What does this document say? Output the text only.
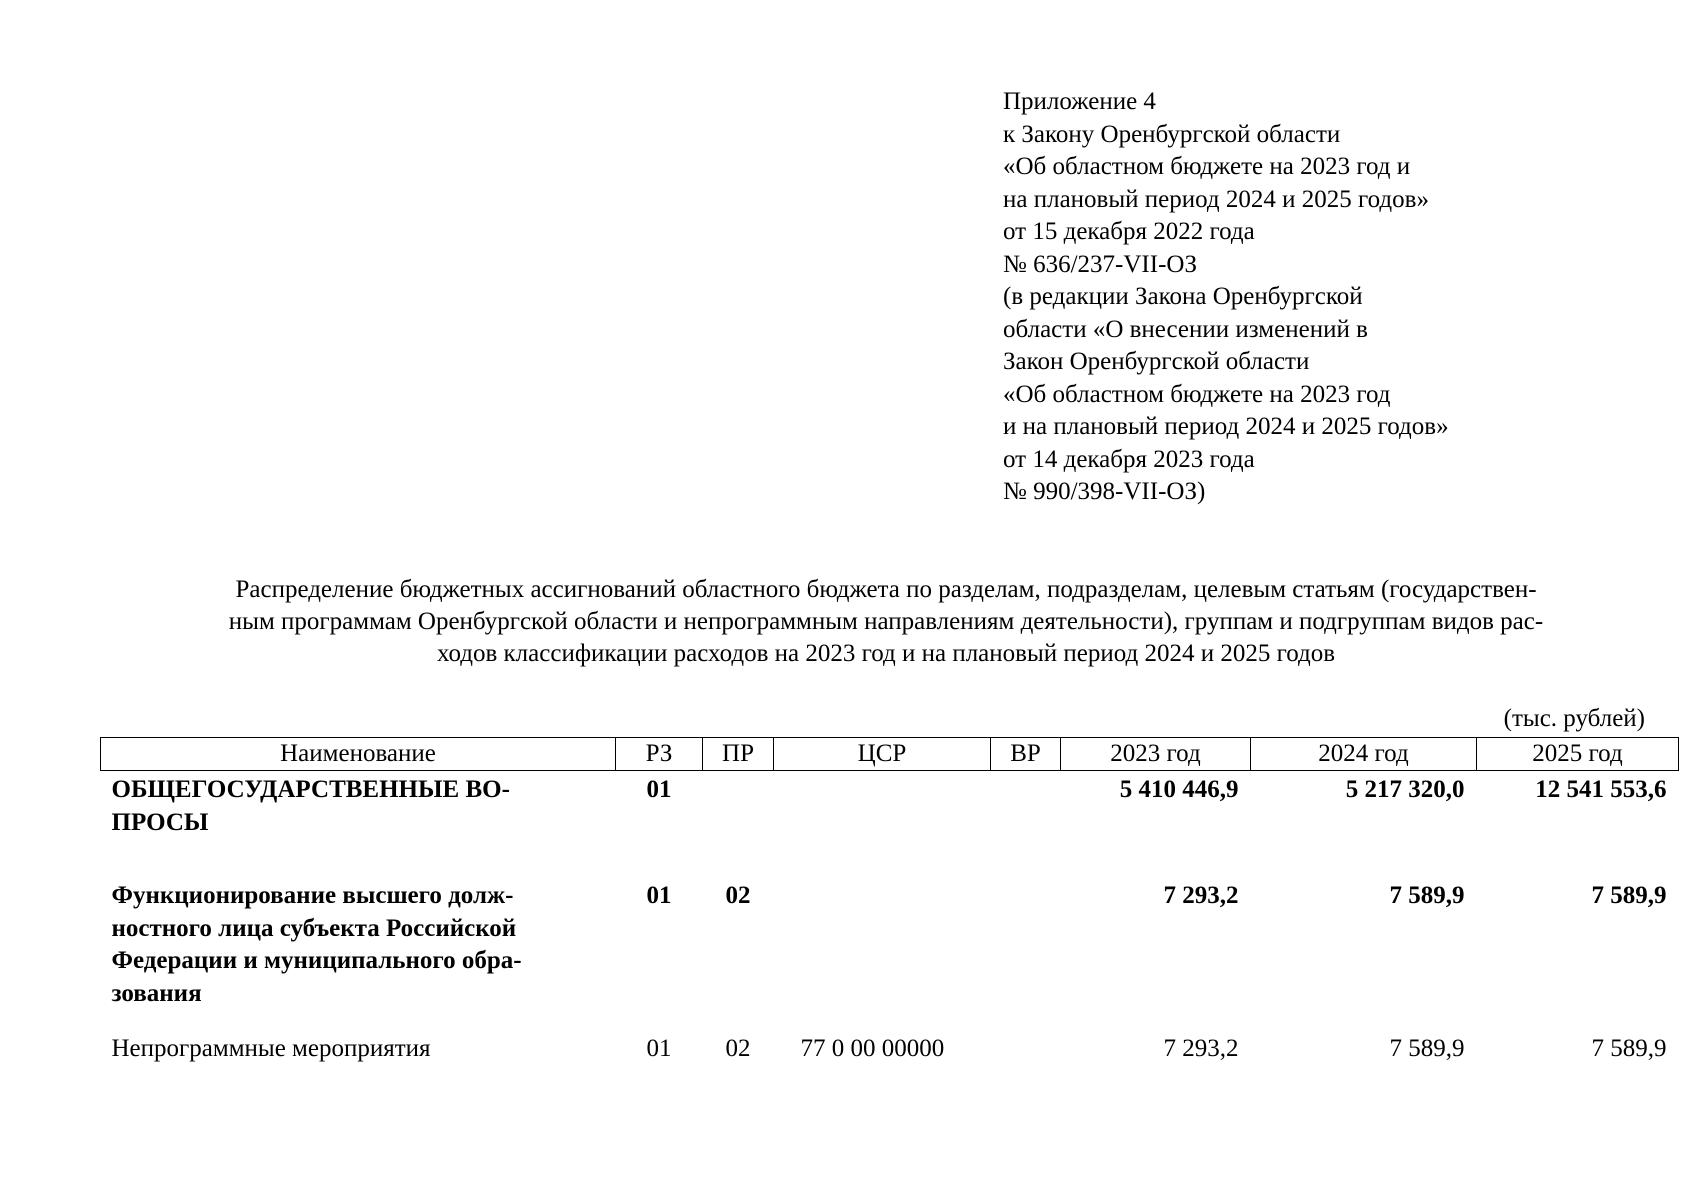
Приложение 4
к Закону Оренбургской области
«Об областном бюджете на 2023 год и
на плановый период 2024 и 2025 годов»
от 15 декабря 2022 года
№ 636/237-VII-ОЗ
(в редакции Закона Оренбургской
области «О внесении изменений в
Закон Оренбургской области
«Об областном бюджете на 2023 год
и на плановый период 2024 и 2025 годов»
от 14 декабря 2023 года
№ 990/398-VII-ОЗ)
Распределение бюджетных ассигнований областного бюджета по разделам, подразделам, целевым статьям (государствен-
ным программам Оренбургской области и непрограммным направлениям деятельности), группам и подгруппам видов рас-
ходов классификации расходов на 2023 год и на плановый период 2024 и 2025 годов
(тыс. рублей)
Наименование	РЗ	ПР	ЦСР	ВР	2023 год	2024 год	2025 год

ОБЩЕГОСУДАРСТВЕННЫЕ ВО-
ПРОСЫ	01				5 410 446,9	5 217 320,0	12 541 553,6

Функционирование высшего долж-
ностного лица субъекта Российской
Федерации и муниципального обра-
зования	01	02			7 293,2	7 589,9	7 589,9

Непрограммные мероприятия	01	02	77 0 00 00000		7 293,2	7 589,9	7 589,9
